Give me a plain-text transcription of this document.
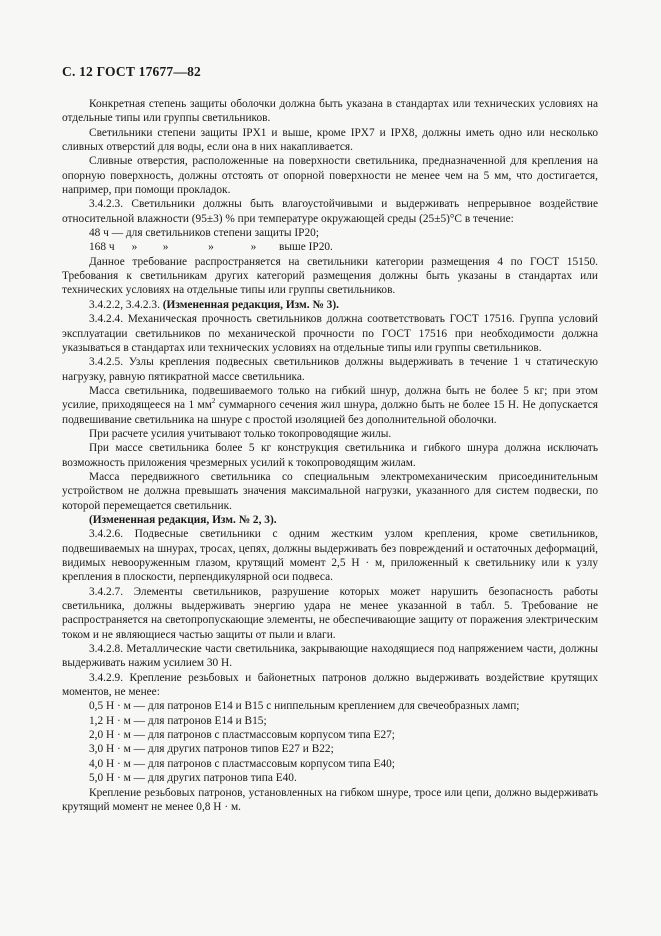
С. 12 ГОСТ 17677—82

Конкретная степень защиты оболочки должна быть указана в стандартах или технических условиях на отдельные типы или группы светильников.

Светильники степени защиты IPX1 и выше, кроме IPX7 и IPX8, должны иметь одно или несколько сливных отверстий для воды, если она в них накапливается.

Сливные отверстия, расположенные на поверхности светильника, предназначенной для крепления на опорную поверхность, должны отстоять от опорной поверхности не менее чем на 5 мм, что достигается, например, при помощи прокладок.

3.4.2.3. Светильники должны быть влагоустойчивыми и выдерживать непрерывное воздействие относительной влажности (95±3) % при температуре окружающей среды (25±5)°С в течение:

48 ч — для светильников степени защиты IP20;

168 ч      »         »              »             »        выше IP20.

Данное требование распространяется на светильники категории размещения 4 по ГОСТ 15150. Требования к светильникам других категорий размещения должны быть указаны в стандартах или технических условиях на отдельные типы или группы светильников.

3.4.2.2, 3.4.2.3. (Измененная редакция, Изм. № 3).

3.4.2.4. Механическая прочность светильников должна соответствовать ГОСТ 17516. Группа условий эксплуатации светильников по механической прочности по ГОСТ 17516 при необходимости должна указываться в стандартах или технических условиях на отдельные типы или группы светильников.

3.4.2.5. Узлы крепления подвесных светильников должны выдерживать в течение 1 ч статическую нагрузку, равную пятикратной массе светильника.

Масса светильника, подвешиваемого только на гибкий шнур, должна быть не более 5 кг; при этом усилие, приходящееся на 1 $мм^2$ суммарного сечения жил шнура, должно быть не более 15 Н. Не допускается подвешивание светильника на шнуре с простой изоляцией без дополнительной оболочки.

При расчете усилия учитывают только токопроводящие жилы.

При массе светильника более 5 кг конструкция светильника и гибкого шнура должна исключать возможность приложения чрезмерных усилий к токопроводящим жилам.

Масса передвижного светильника со специальным электромеханическим присоединительным устройством не должна превышать значения максимальной нагрузки, указанного для систем подвески, по которой перемещается светильник.

(Измененная редакция, Изм. № 2, 3).

3.4.2.6. Подвесные светильники с одним жестким узлом крепления, кроме светильников, подвешиваемых на шнурах, тросах, цепях, должны выдерживать без повреждений и остаточных деформаций, видимых невооруженным глазом, крутящий момент 2,5 Н · м, приложенный к светильнику или к узлу крепления в плоскости, перпендикулярной оси подвеса.

3.4.2.7. Элементы светильников, разрушение которых может нарушить безопасность работы светильника, должны выдерживать энергию удара не менее указанной в табл. 5. Требование не распространяется на светопропускающие элементы, не обеспечивающие защиту от поражения электрическим током и не являющиеся частью защиты от пыли и влаги.

3.4.2.8. Металлические части светильника, закрывающие находящиеся под напряжением части, должны выдерживать нажим усилием 30 Н.

3.4.2.9. Крепление резьбовых и байонетных патронов должно выдерживать воздействие крутящих моментов, не менее:

0,5 Н · м — для патронов Е14 и В15 с ниппельным креплением для свечеобразных ламп;

1,2 Н · м — для патронов Е14 и В15;

2,0 Н · м — для патронов с пластмассовым корпусом типа Е27;

3,0 Н · м — для других патронов типов Е27 и В22;

4,0 Н · м — для патронов с пластмассовым корпусом типа Е40;

5,0 Н · м — для других патронов типа Е40.

Крепление резьбовых патронов, установленных на гибком шнуре, тросе или цепи, должно выдерживать крутящий момент не менее 0,8 Н · м.
